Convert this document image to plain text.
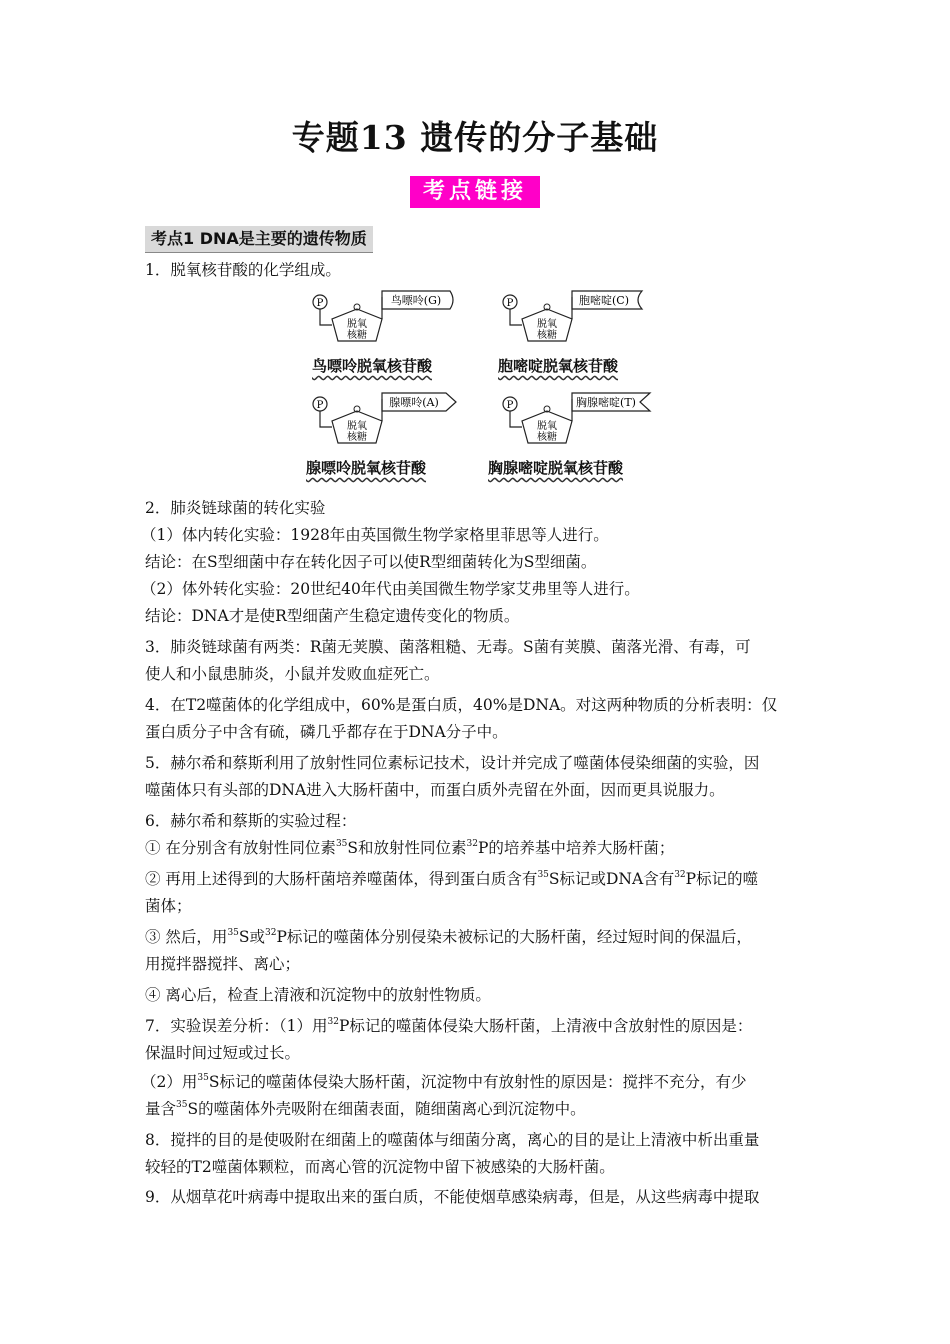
专题13 遗传的分子基础
考点链接
考点1 DNA是主要的遗传物质
1．脱氧核苷酸的化学组成。
P
脱氧
核糖
鸟嘌呤(G)	P
脱氧
核糖
胞嘧啶(C)
P
脱氧
核糖
腺嘌呤(A)	P
脱氧
核糖
胸腺嘧啶(T)
鸟嘌呤脱氧核苷酸	胞嘧啶脱氧核苷酸
腺嘌呤脱氧核苷酸	胸腺嘧啶脱氧核苷酸
2．肺炎链球菌的转化实验
（1）体内转化实验：1928年由英国微生物学家格里菲思等人进行。
结论：在S型细菌中存在转化因子可以使R型细菌转化为S型细菌。
（2）体外转化实验：20世纪40年代由美国微生物学家艾弗里等人进行。
结论：DNA才是使R型细菌产生稳定遗传变化的物质。
3．肺炎链球菌有两类：R菌无荚膜、菌落粗糙、无毒。S菌有荚膜、菌落光滑、有毒，可
使人和小鼠患肺炎，小鼠并发败血症死亡。
4．在T2噬菌体的化学组成中，60%是蛋白质，40%是DNA。对这两种物质的分析表明：仅
蛋白质分子中含有硫，磷几乎都存在于DNA分子中。
5．赫尔希和蔡斯利用了放射性同位素标记技术，设计并完成了噬菌体侵染细菌的实验，因
噬菌体只有头部的DNA进入大肠杆菌中，而蛋白质外壳留在外面，因而更具说服力。
6．赫尔希和蔡斯的实验过程：
① 在分别含有放射性同位素$^{35}$S和放射性同位素$^{32}$P的培养基中培养大肠杆菌；
② 再用上述得到的大肠杆菌培养噬菌体，得到蛋白质含有$^{35}$S标记或DNA含有$^{32}$P标记的噬
菌体；
③ 然后，用$^{35}$S或$^{32}$P标记的噬菌体分别侵染未被标记的大肠杆菌，经过短时间的保温后，
用搅拌器搅拌、离心；
④ 离心后，检查上清液和沉淀物中的放射性物质。
7．实验误差分析：（1）用$^{32}$P标记的噬菌体侵染大肠杆菌，上清液中含放射性的原因是：
保温时间过短或过长。
（2）用$^{35}$S标记的噬菌体侵染大肠杆菌，沉淀物中有放射性的原因是：搅拌不充分，有少
量含$^{35}$S的噬菌体外壳吸附在细菌表面，随细菌离心到沉淀物中。
8．搅拌的目的是使吸附在细菌上的噬菌体与细菌分离，离心的目的是让上清液中析出重量
较轻的T2噬菌体颗粒，而离心管的沉淀物中留下被感染的大肠杆菌。
9．从烟草花叶病毒中提取出来的蛋白质，不能使烟草感染病毒，但是，从这些病毒中提取
